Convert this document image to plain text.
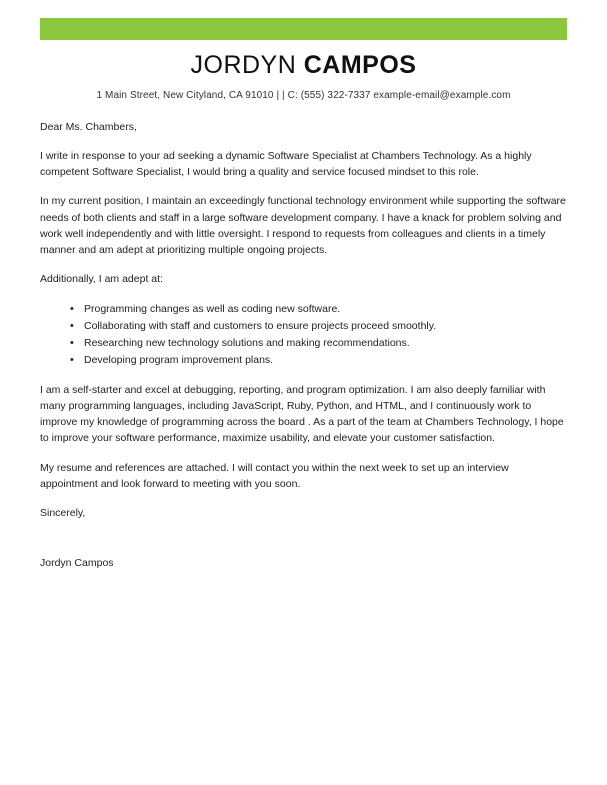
JORDYN CAMPOS
1 Main Street, New Cityland, CA 91010 | | C: (555) 322-7337 example-email@example.com

Dear Ms. Chambers,

I write in response to your ad seeking a dynamic Software Specialist at Chambers Technology. As a highly competent Software Specialist, I would bring a quality and service focused mindset to this role.

In my current position, I maintain an exceedingly functional technology environment while supporting the software needs of both clients and staff in a large software development company. I have a knack for problem solving and work well independently and with little oversight. I respond to requests from colleagues and clients in a timely manner and am adept at prioritizing multiple ongoing projects.

Additionally, I am adept at:

• Programming changes as well as coding new software.
• Collaborating with staff and customers to ensure projects proceed smoothly.
• Researching new technology solutions and making recommendations.
• Developing program improvement plans.

I am a self-starter and excel at debugging, reporting, and program optimization. I am also deeply familiar with many programming languages, including JavaScript, Ruby, Python, and HTML, and I continuously work to improve my knowledge of programming across the board . As a part of the team at Chambers Technology, I hope to improve your software performance, maximize usability, and elevate your customer satisfaction.

My resume and references are attached. I will contact you within the next week to set up an interview appointment and look forward to meeting with you soon.

Sincerely,

Jordyn Campos
